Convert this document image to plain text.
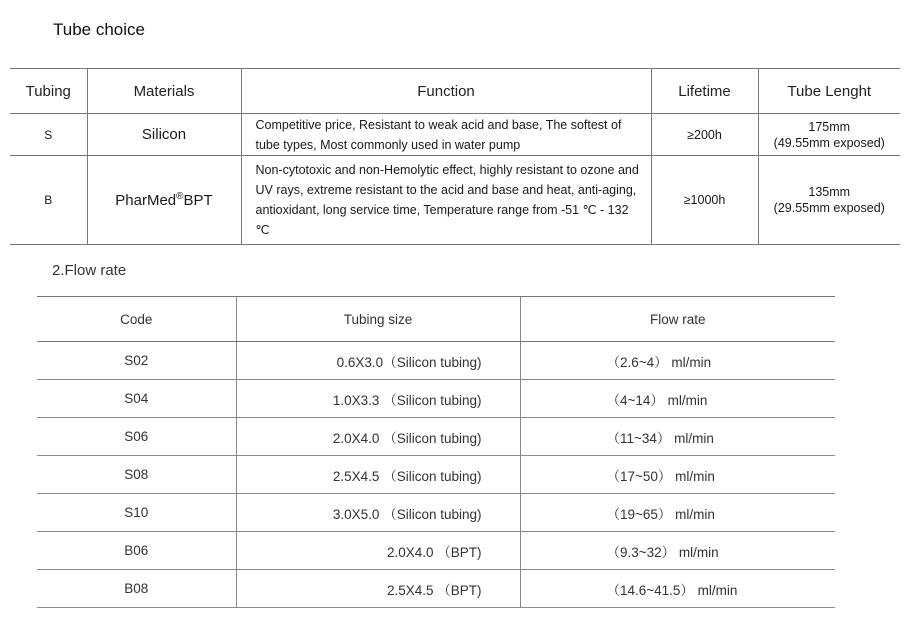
Tube choice
Tubing	Materials	Function	Lifetime	Tube Lenght
S	Silicon	Competitive price, Resistant to weak acid and base, The softest of tube types, Most commonly used in water pump	≥200h	175mm
(49.55mm exposed)

B	PharMed®BPT	Non-cytotoxic and non-Hemolytic effect, highly resistant to ozone and UV rays, extreme resistant to the acid and base and heat, anti-aging, antioxidant, long service time, Temperature range from -51 ℃ - 132 ℃	≥1000h	135mm
(29.55mm exposed)
2.Flow rate
Code	Tubing size	Flow rate
S02	0.6X3.0（Silicon tubing)	（2.6~4） ml/min
S04	1.0X3.3 （Silicon tubing)	（4~14） ml/min
S06	2.0X4.0 （Silicon tubing)	（11~34） ml/min
S08	2.5X4.5 （Silicon tubing)	（17~50） ml/min
S10	3.0X5.0 （Silicon tubing)	（19~65） ml/min
B06	2.0X4.0 （BPT)	（9.3~32） ml/min
B08	2.5X4.5 （BPT)	（14.6~41.5） ml/min
